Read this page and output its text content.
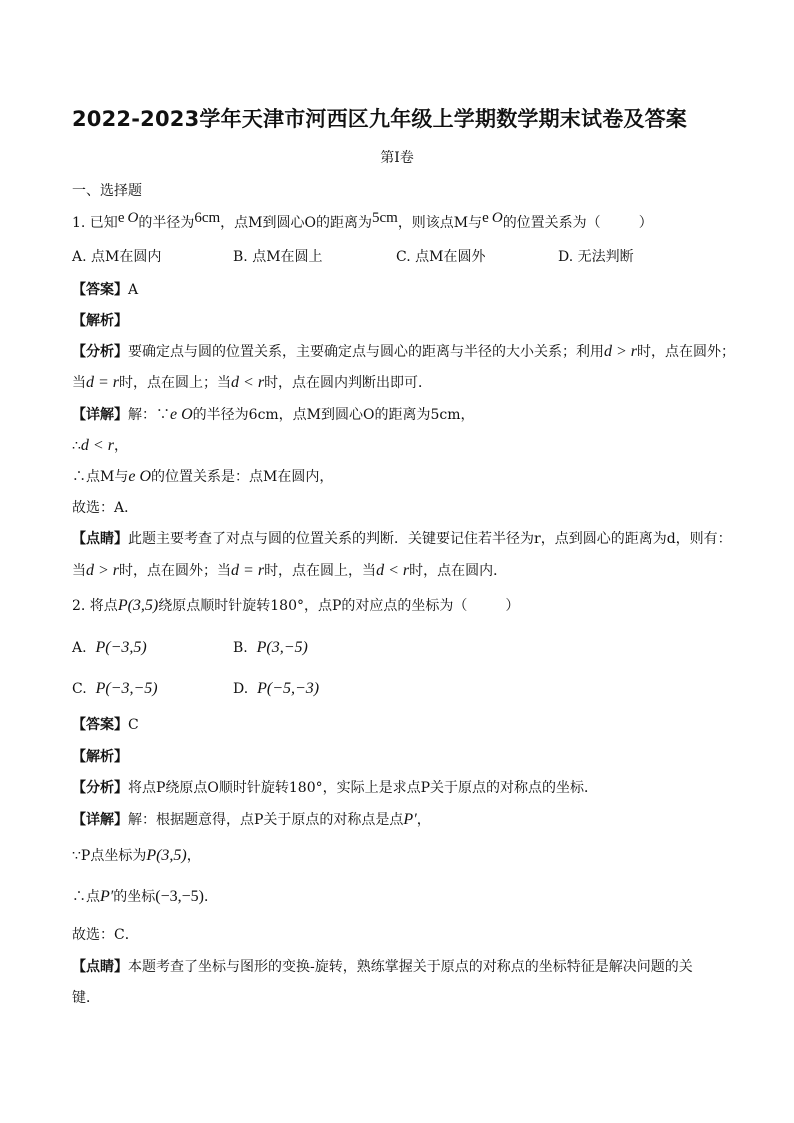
2022-2023学年天津市河西区九年级上学期数学期末试卷及答案
第Ⅰ卷
一、选择题
1. 已知e  O的半径为6cm，点M到圆心O的距离为5cm，则该点M与e  O的位置关系为（	）
A. 点M在圆内	B. 点M在圆上	C. 点M在圆外	D. 无法判断
【答案】A
【解析】
【分析】要确定点与圆的位置关系，主要确定点与圆心的距离与半径的大小关系；利用d > r时，点在圆外；
当d = r时，点在圆上；当d < r时，点在圆内判断出即可．
【详解】解：∵e O的半径为6cm，点M到圆心O的距离为5cm，
∴d < r，
∴点M与e O的位置关系是：点M在圆内，
故选：A．
【点睛】此题主要考查了对点与圆的位置关系的判断．关键要记住若半径为r，点到圆心的距离为d，则有：
当d > r时，点在圆外；当d = r时，点在圆上，当d < r时，点在圆内．
2. 将点P(3,5)绕原点顺时针旋转180°，点P的对应点的坐标为（	）
A. P(−3,5)	B. P(3,−5)
C. P(−3,−5)	D. P(−5,−3)
【答案】C
【解析】
【分析】将点P绕原点O顺时针旋转180°，实际上是求点P关于原点的对称点的坐标．
【详解】解：根据题意得，点P关于原点的对称点是点P′，
∵P点坐标为P(3,5)，
∴点P′的坐标(−3,−5)．
故选：C．
【点睛】本题考查了坐标与图形的变换-旋转，熟练掌握关于原点的对称点的坐标特征是解决问题的关
键．
